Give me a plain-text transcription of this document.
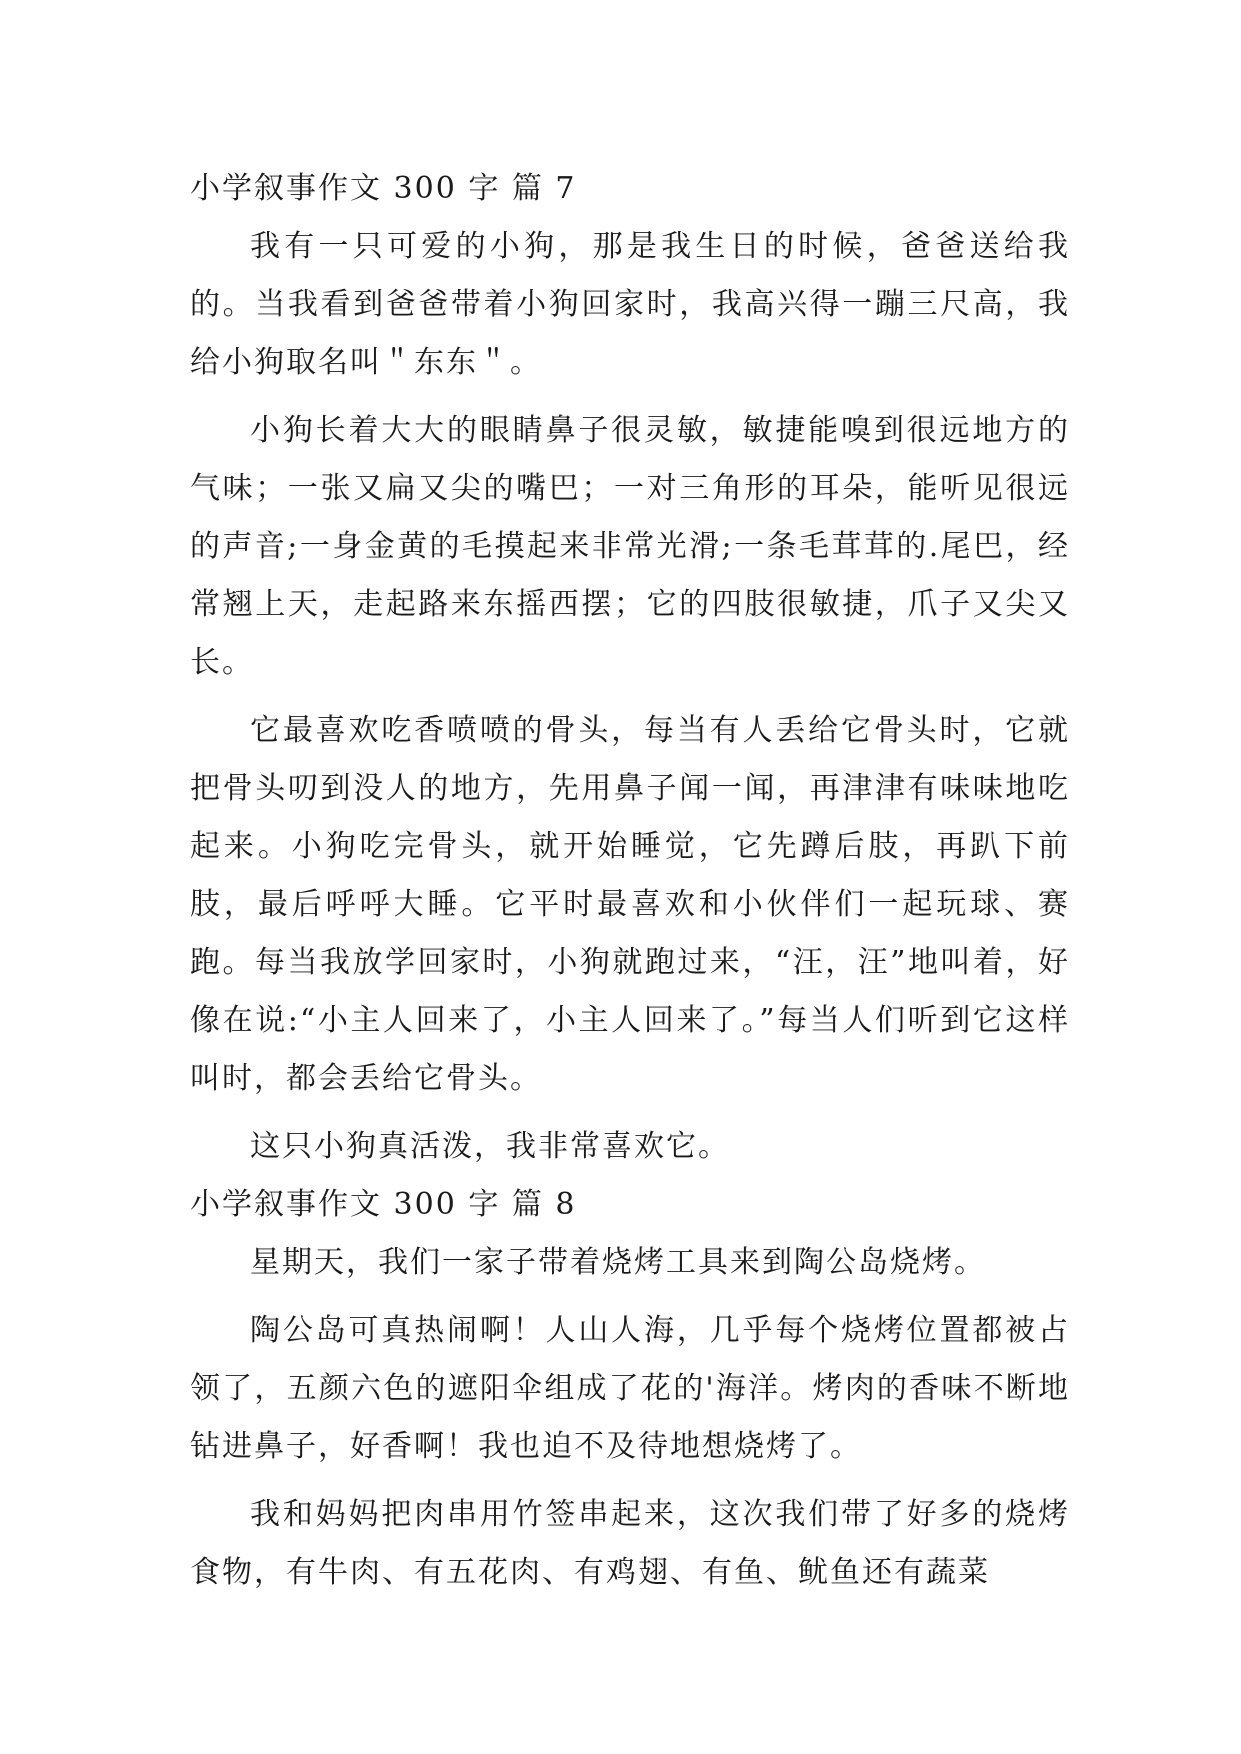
小学叙事作文 300 字 篇 7

我有一只可爱的小狗，那是我生日的时候，爸爸送给我的。当我看到爸爸带着小狗回家时，我高兴得一蹦三尺高，我给小狗取名叫＂东东＂。

小狗长着大大的眼睛鼻子很灵敏，敏捷能嗅到很远地方的气味；一张又扁又尖的嘴巴；一对三角形的耳朵，能听见很远的声音;一身金黄的毛摸起来非常光滑;一条毛茸茸的.尾巴，经常翘上天，走起路来东摇西摆；它的四肢很敏捷，爪子又尖又长。

它最喜欢吃香喷喷的骨头，每当有人丢给它骨头时，它就把骨头叨到没人的地方，先用鼻子闻一闻，再津津有味味地吃起来。小狗吃完骨头，就开始睡觉，它先蹲后肢，再趴下前肢，最后呼呼大睡。它平时最喜欢和小伙伴们一起玩球、赛跑。每当我放学回家时，小狗就跑过来，“汪，汪”地叫着，好像在说:“小主人回来了，小主人回来了。”每当人们听到它这样叫时，都会丢给它骨头。

这只小狗真活泼，我非常喜欢它。

小学叙事作文 300 字 篇 8

星期天，我们一家子带着烧烤工具来到陶公岛烧烤。

陶公岛可真热闹啊！人山人海，几乎每个烧烤位置都被占领了，五颜六色的遮阳伞组成了花的'海洋。烤肉的香味不断地钻进鼻子，好香啊！我也迫不及待地想烧烤了。

我和妈妈把肉串用竹签串起来，这次我们带了好多的烧烤食物，有牛肉、有五花肉、有鸡翅、有鱼、鱿鱼还有蔬菜
